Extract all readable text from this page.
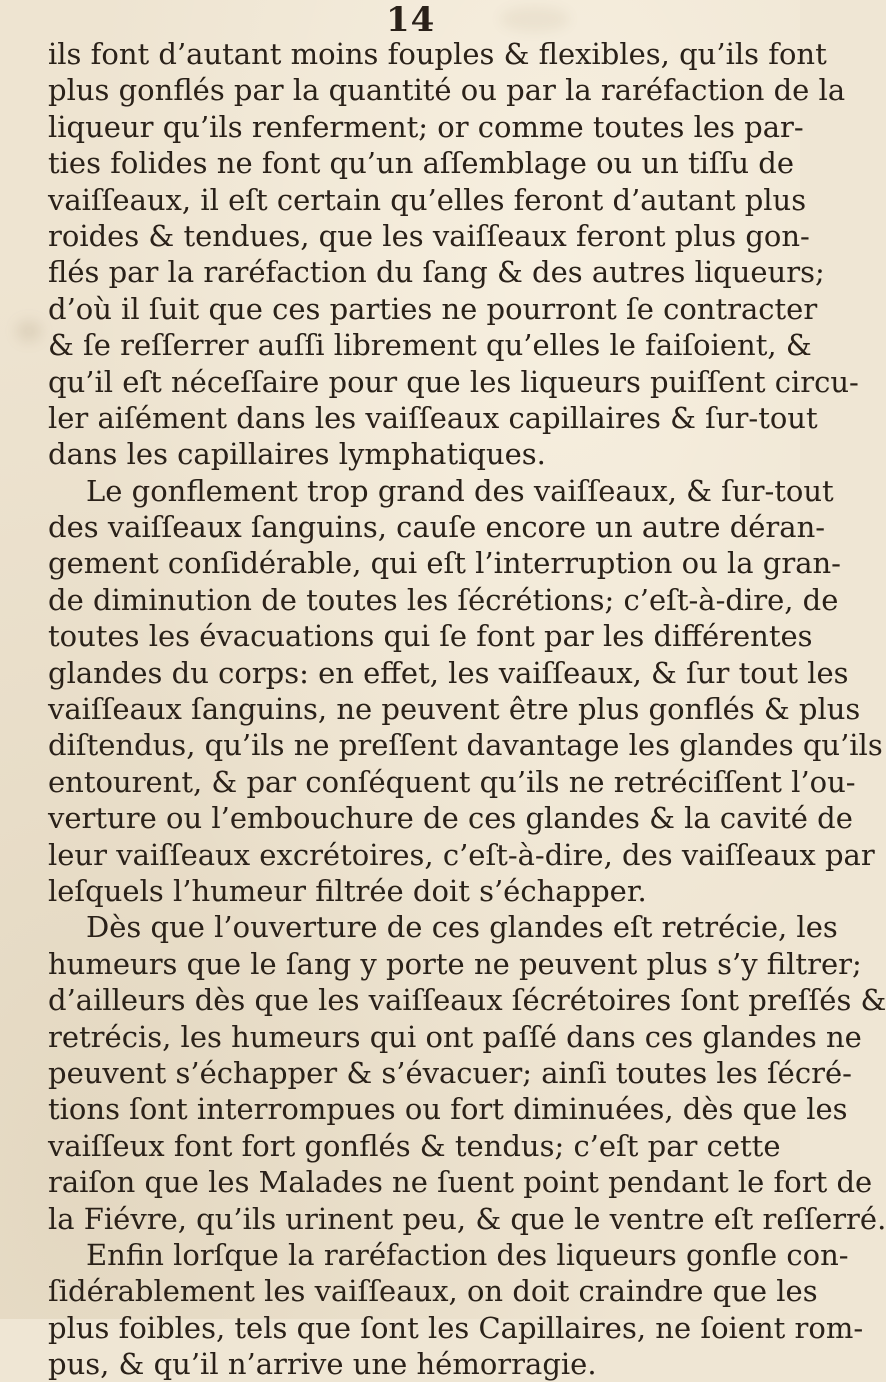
14
ils font d’autant moins fouples & flexibles, qu’ils font
plus gonflés par la quantité ou par la raréfaction de la
liqueur qu’ils renferment; or comme toutes les par-
ties folides ne font qu’un aſſemblage ou un tiſſu de
vaiſſeaux, il eſt certain qu’elles feront d’autant plus
roides & tendues, que les vaiſſeaux feront plus gon-
flés par la raréfaction du ſang & des autres liqueurs;
d’où il ſuit que ces parties ne pourront ſe contracter
& ſe reſſerrer auſſi librement qu’elles le faiſoient, &
qu’il eſt néceſſaire pour que les liqueurs puiſſent circu-
ler aiſément dans les vaiſſeaux capillaires & ſur-tout
dans les capillaires lymphatiques.
Le gonflement trop grand des vaiſſeaux, & ſur-tout
des vaiſſeaux ſanguins, cauſe encore un autre déran-
gement conſidérable, qui eſt l’interruption ou la gran-
de diminution de toutes les ſécrétions; c’eſt-à-dire, de
toutes les évacuations qui ſe font par les différentes
glandes du corps: en effet, les vaiſſeaux, & ſur tout les
vaiſſeaux ſanguins, ne peuvent être plus gonflés & plus
diſtendus, qu’ils ne preſſent davantage les glandes qu’ils
entourent, & par conſéquent qu’ils ne retréciſſent l’ou-
verture ou l’embouchure de ces glandes & la cavité de
leur vaiſſeaux excrétoires, c’eſt-à-dire, des vaiſſeaux par
leſquels l’humeur filtrée doit s’échapper.
Dès que l’ouverture de ces glandes eſt retrécie, les
humeurs que le ſang y porte ne peuvent plus s’y filtrer;
d’ailleurs dès que les vaiſſeaux ſécrétoires ſont preſſés &
retrécis, les humeurs qui ont paſſé dans ces glandes ne
peuvent s’échapper & s’évacuer; ainſi toutes les ſécré-
tions ſont interrompues ou fort diminuées, dès que les
vaiſſeux font fort gonflés & tendus; c’eſt par cette
raiſon que les Malades ne ſuent point pendant le fort de
la Fiévre, qu’ils urinent peu, & que le ventre eſt reſſerré.
Enfin lorſque la raréfaction des liqueurs gonfle con-
ſidérablement les vaiſſeaux, on doit craindre que les
plus foibles, tels que ſont les Capillaires, ne ſoient rom-
pus, & qu’il n’arrive une hémorragie.
